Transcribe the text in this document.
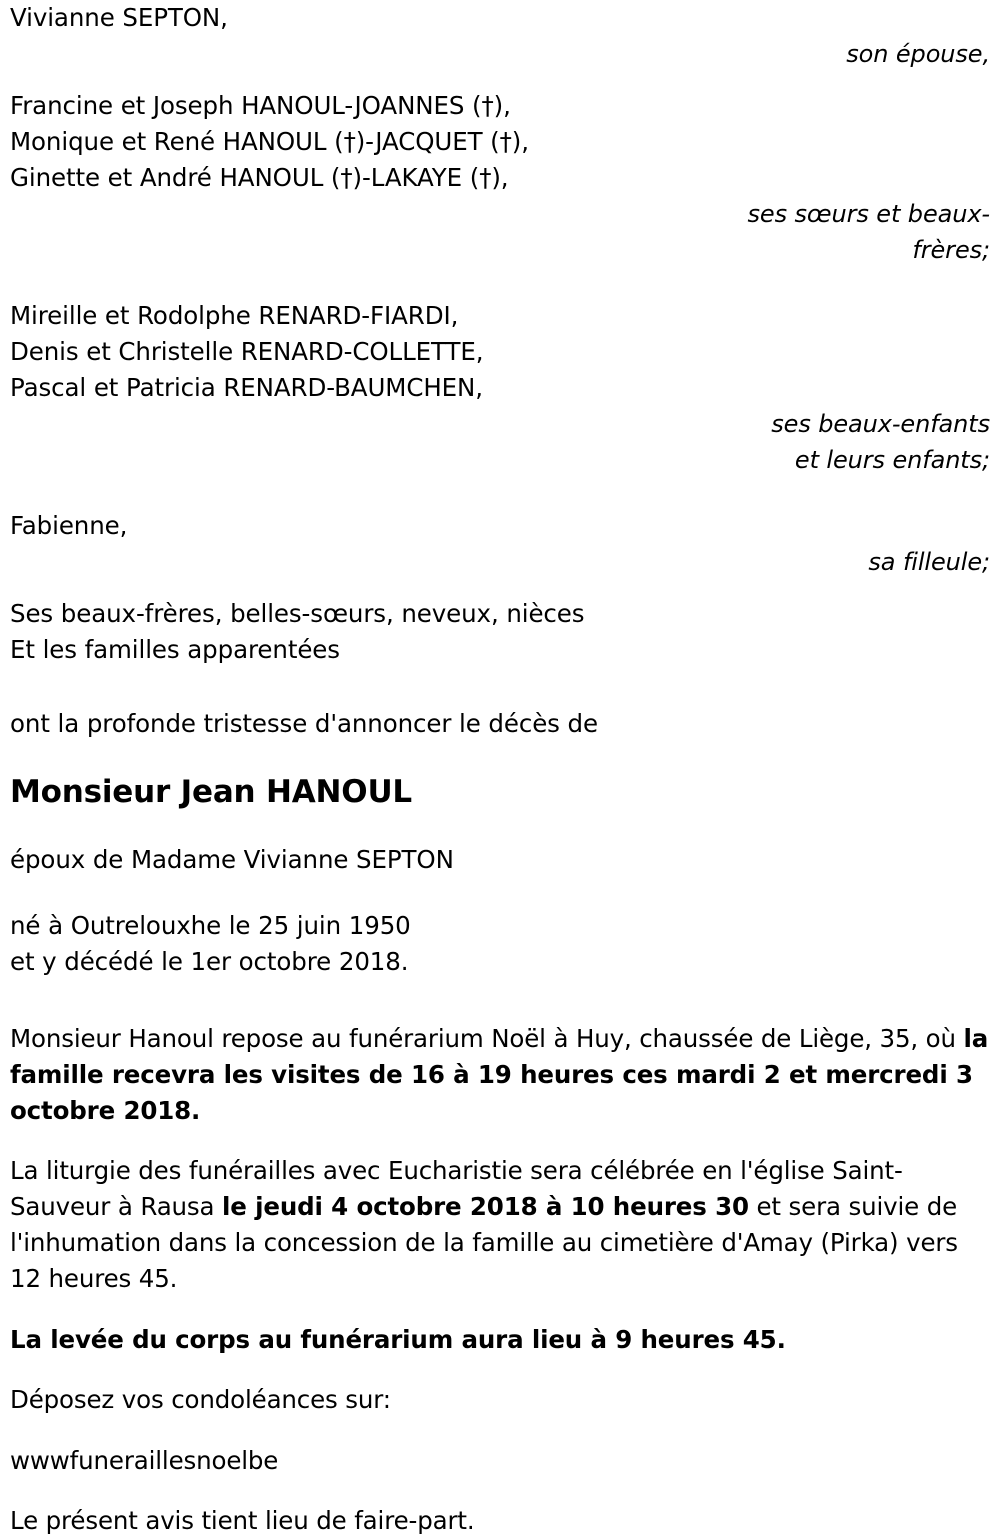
Vivianne SEPTON,
son épouse,
Francine et Joseph HANOUL-JOANNES (†),
Monique et René HANOUL (†)-JACQUET (†),
Ginette et André HANOUL (†)-LAKAYE (†),
ses sœurs et beaux-
frères;
Mireille et Rodolphe RENARD-FIARDI,
Denis et Christelle RENARD-COLLETTE,
Pascal et Patricia RENARD-BAUMCHEN,
ses beaux-enfants
et leurs enfants;
Fabienne,
sa filleule;
Ses beaux-frères, belles-sœurs, neveux, nièces
Et les familles apparentées
ont la profonde tristesse d'annoncer le décès de
Monsieur Jean HANOUL
époux de Madame Vivianne SEPTON
né à Outrelouxhe le 25 juin 1950
et y décédé le 1er octobre 2018.

Monsieur Hanoul repose au funérarium Noël à Huy, chaussée de Liège, 35, où la famille recevra les visites de 16 à 19 heures ces mardi 2 et mercredi 3 octobre 2018.

La liturgie des funérailles avec Eucharistie sera célébrée en l'église Saint-Sauveur à Rausa le jeudi 4 octobre 2018 à 10 heures 30 et sera suivie de l'inhumation dans la concession de la famille au cimetière d'Amay (Pirka) vers 12 heures 45.

La levée du corps au funérarium aura lieu à 9 heures 45.

Déposez vos condoléances sur:

wwwfuneraillesnoelbe

Le présent avis tient lieu de faire-part.
